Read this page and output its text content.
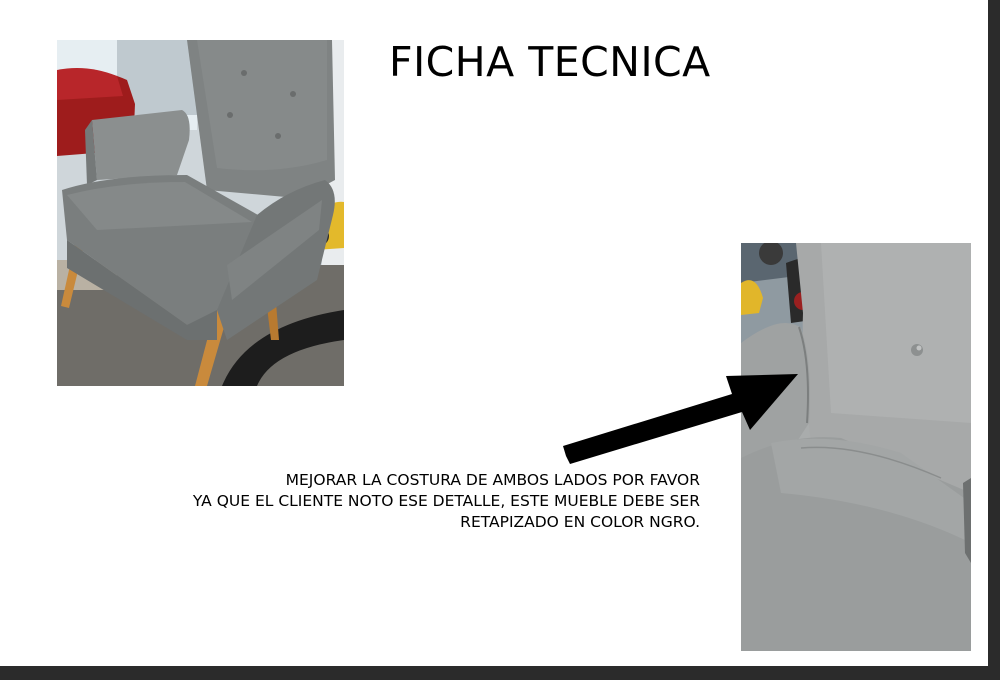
FICHA TECNICA
MEJORAR LA COSTURA DE AMBOS LADOS POR FAVOR
YA QUE EL CLIENTE NOTO ESE DETALLE, ESTE MUEBLE DEBE SER
RETAPIZADO EN COLOR NGRO.
